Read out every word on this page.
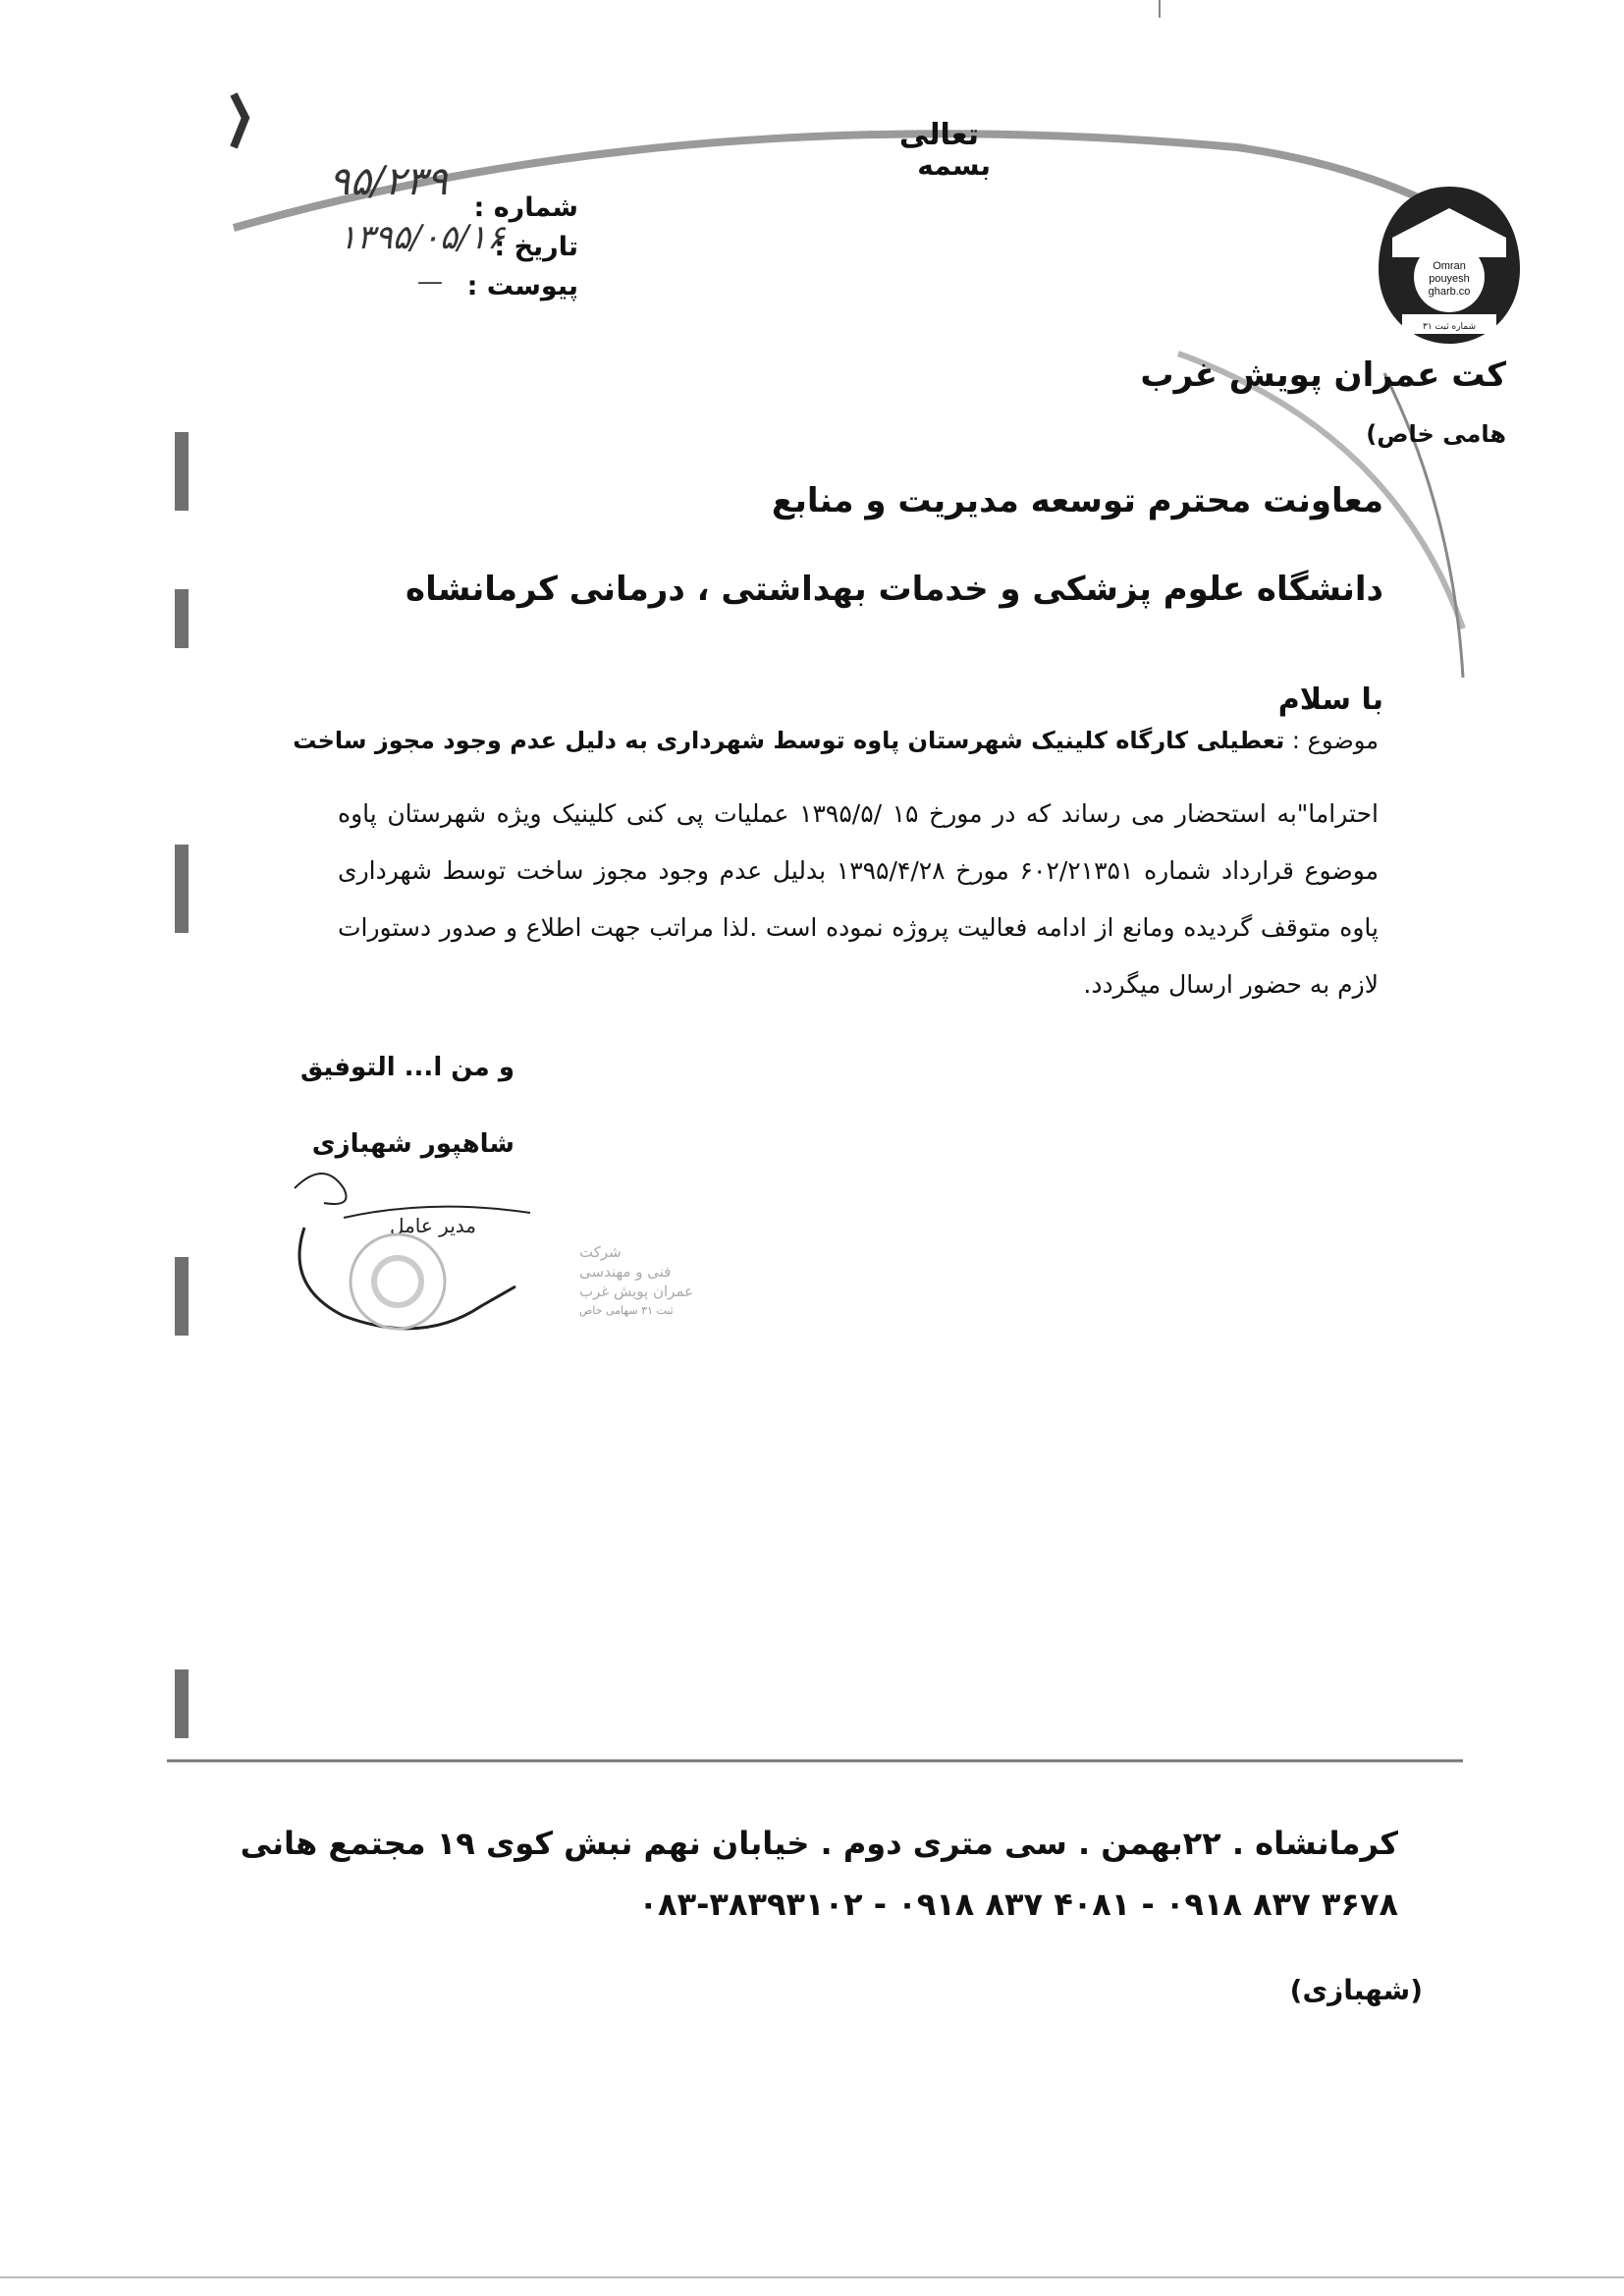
تعالی
بسمه
شماره :
۹۵/۲۳۹
تاریخ :
۱۳۹۵/۰۵/۱۶
پیوست :
—
Omran
pouyesh
gharb.co
شماره ثبت ۳۱
کت عمران پویش غرب
هامی خاص)
معاونت محترم توسعه مدیریت و منابع
دانشگاه علوم پزشکی و خدمات بهداشتی ، درمانی کرمانشاه
با سلام
موضوع : تعطیلی کارگاه کلینیک شهرستان پاوه توسط شهرداری به دلیل عدم وجود مجوز ساخت
احتراما"به استحضار می رساند که در مورخ ۱۵ /۱۳۹۵/۵ عملیات پی کنی کلینیک ویژه شهرستان پاوه موضوع قرارداد شماره ۶۰۲/۲۱۳۵۱ مورخ ۱۳۹۵/۴/۲۸ بدلیل عدم وجود مجوز ساخت توسط شهرداری پاوه متوقف گردیده ومانع از ادامه فعالیت پروژه نموده است .لذا مراتب جهت اطلاع و صدور دستورات لازم به حضور ارسال میگردد.
و من ا... التوفیق
شاهپور شهبازی
مدیر عامل
شرکت
فنی و مهندسی
عمران پویش غرب
ثبت ۳۱ سهامی خاص
کرمانشاه . ۲۲بهمن . سی متری دوم . خیابان نهم نبش کوی ۱۹ مجتمع هانی
۰۸۳-۳۸۳۹۳۱۰۲ - ۰۹۱۸ ۸۳۷ ۴۰۸۱ - ۰۹۱۸ ۸۳۷ ۳۶۷۸
(شهبازی)
